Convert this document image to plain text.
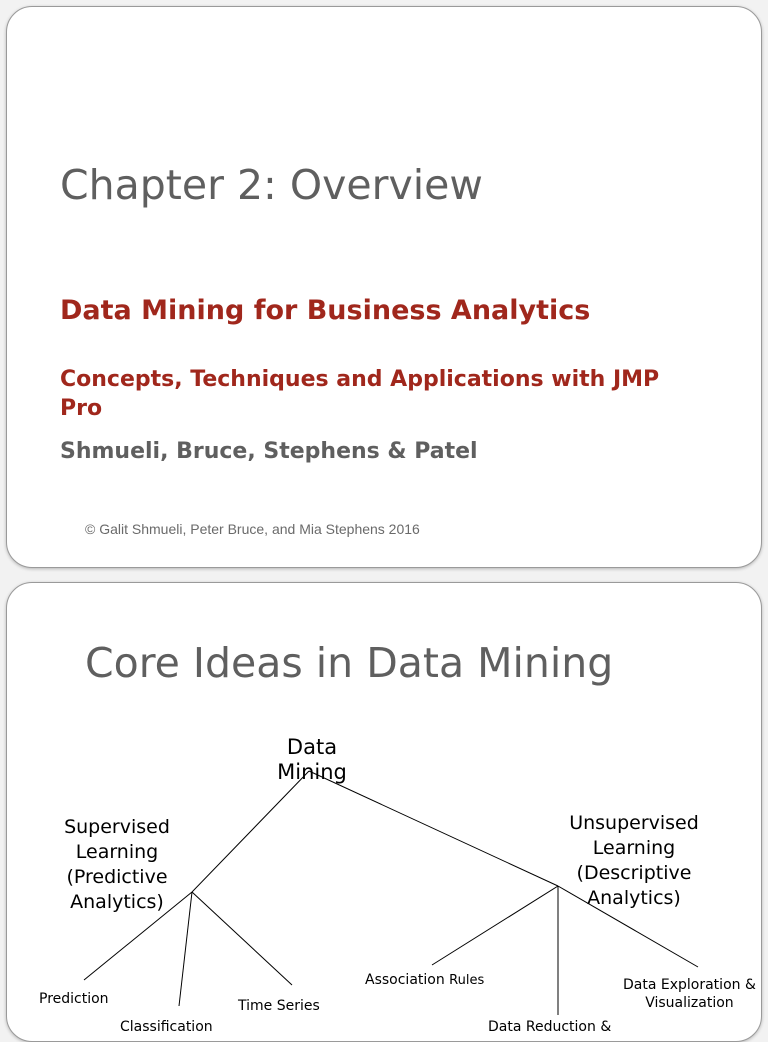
Chapter 2: Overview
Data Mining for Business Analytics
Concepts, Techniques and Applications with JMP Pro
Shmueli, Bruce, Stephens & Patel
© Galit Shmueli, Peter Bruce, and Mia Stephens 2016
Core Ideas in Data Mining
Data Mining
Supervised Learning (Predictive Analytics)
Unsupervised Learning (Descriptive Analytics)
Prediction
Classification
Time Series
Association Rules
Data Reduction &
Data Exploration &
Visualization
